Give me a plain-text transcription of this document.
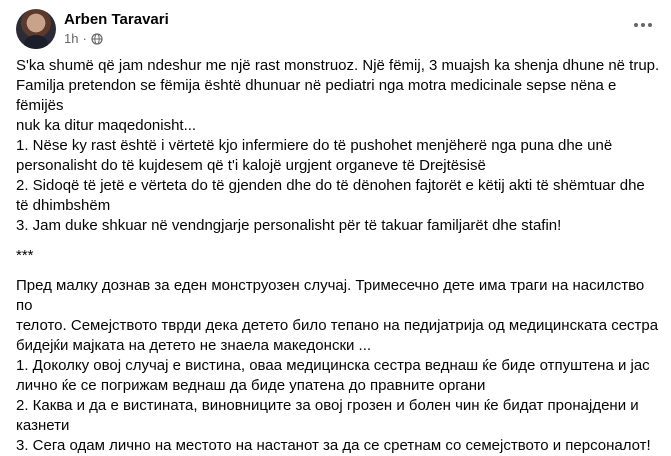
Arben Taravari
1h ·

S'ka shumë që jam ndeshur me një rast monstruoz. Një fëmij, 3 muajsh ka shenja dhune në trup.

Familja pretendon se fëmija është dhunuar në pediatri nga motra medicinale sepse nëna e fëmijës

nuk ka ditur maqedonisht...

1. Nëse ky rast është i vërtetë kjo infermiere do të pushohet menjëherë nga puna dhe unë

personalisht do të kujdesem që t'i kalojë urgjent organeve të Drejtësisë

2. Sidoqë të jetë e vërteta do të gjenden dhe do të dënohen fajtorët e këtij akti të shëmtuar dhe

të dhimbshëm

3. Jam duke shkuar në vendngjarje personalisht për të takuar familjarët dhe stafin!

***

Пред малку дознав за еден монструозен случај. Тримесечно дете има траги на насилство по

телото. Семејството тврди дека детето било тепано на педијатрија од медицинската сестра

бидејќи мајката на детето не знаела македонски ...

1. Доколку овој случај е вистина, оваа медицинска сестра веднаш ќе биде отпуштена и јас

лично ќе се погрижам веднаш да биде упатена до правните органи

2. Каква и да е вистината, виновниците за овој грозен и болен чин ќе бидат пронајдени и

казнети

3. Сега одам лично на местото на настанот за да се сретнам со семејството и персоналот!
